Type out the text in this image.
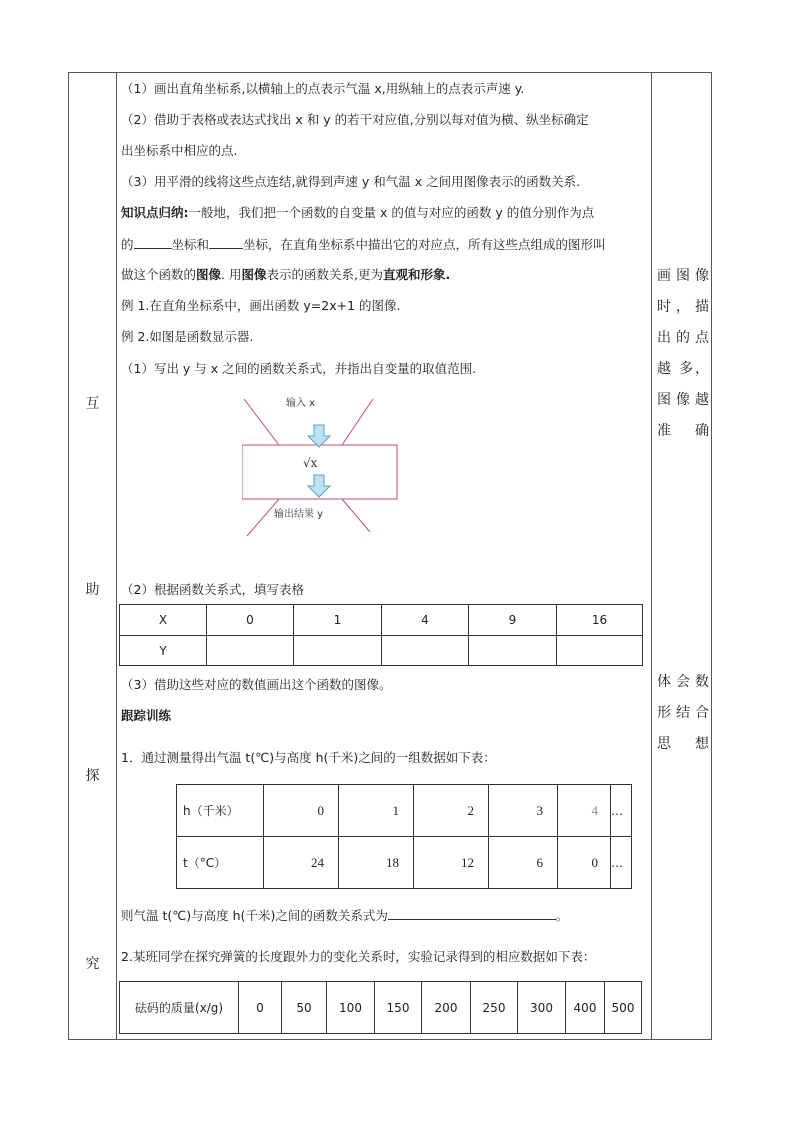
互
助
探
究
（1）画出直角坐标系,以横轴上的点表示气温 x,用纵轴上的点表示声速 y.
（2）借助于表格或表达式找出 x 和 y 的若干对应值,分别以每对值为横、纵坐标确定
出坐标系中相应的点.
（3）用平滑的线将这些点连结,就得到声速 y 和气温 x 之间用图像表示的函数关系.
知识点归纳:一般地，我们把一个函数的自变量 x 的值与对应的函数 y 的值分别作为点
的	坐标和	坐标，在直角坐标系中描出它的对应点，所有这些点组成的图形叫
做这个函数的图像. 用图像表示的函数关系,更为直观和形象.
例 1.在直角坐标系中，画出函数 y=2x+1 的图像.
例 2.如图是函数显示器.
（1）写出 y 与 x 之间的函数关系式，并指出自变量的取值范围.
输入 x
√x
输出结果 y
（2）根据函数关系式，填写表格
X	0	1	4	9	16
Y					
（3）借助这些对应的数值画出这个函数的图像。
跟踪训练
1．通过测量得出气温 t(℃)与高度 h(千米)之间的一组数据如下表：
h（千米）	0	1	2	3	4	…
t（°C）	24	18	12	6	0	…
则气温 t(℃)与高度 h(千米)之间的函数关系式为	。
2.某班同学在探究弹簧的长度跟外力的变化关系时，实验记录得到的相应数据如下表：
砝码的质量(x/g)	0	50	100	150	200	250	300	400	500
画图像
时，描
出的点
越 多，
图像越
准 确
体会数
形结合
思 想
